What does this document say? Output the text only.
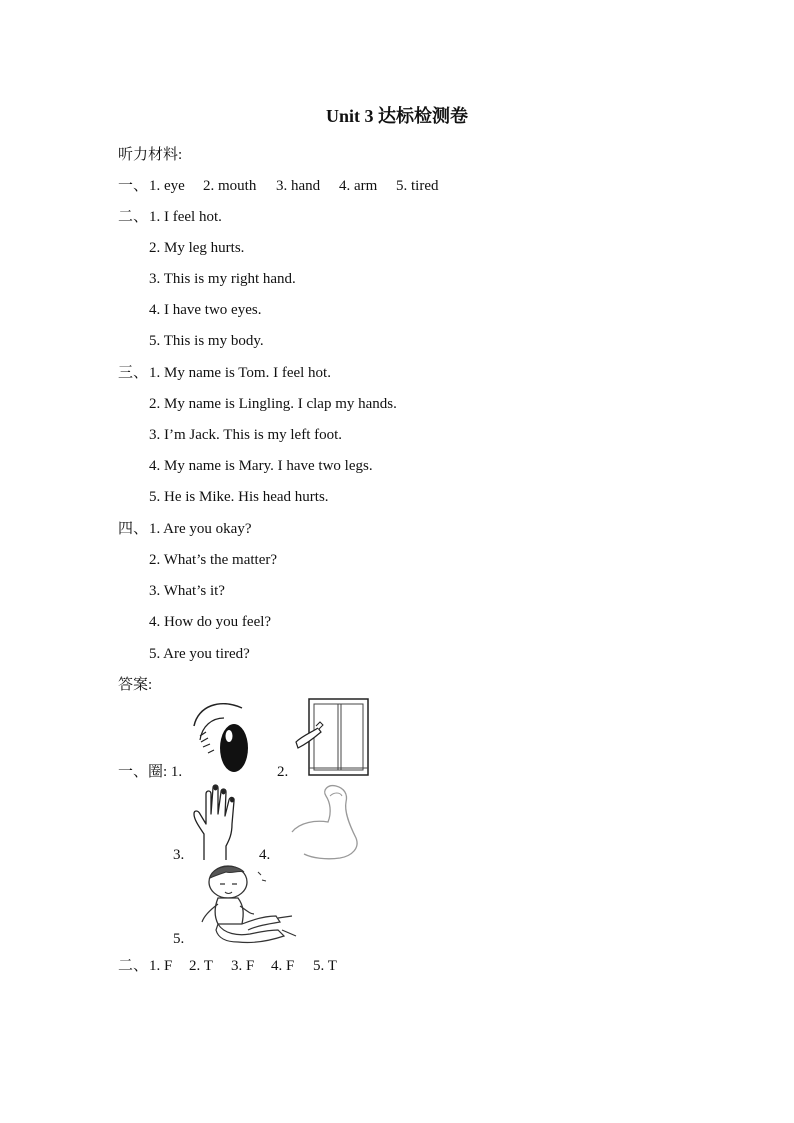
Unit 3 达标检测卷
听力材料:
一、 1. eye 2. mouth 3. hand 4. arm 5. tired
二、 1. I feel hot.
2. My leg hurts.
3. This is my right hand.
4. I have two eyes.
5. This is my body.
三、 1. My name is Tom. I feel hot.
2. My name is Lingling. I clap my hands.
3. I’m Jack. This is my left foot.
4. My name is Mary. I have two legs.
5. He is Mike. His head hurts.
四、 1. Are you okay?
2. What’s the matter?
3. What’s it?
4. How do you feel?
5. Are you tired?
答案:
一、圈: 1.	2.
3.	4.
5.
二、 1. F 2. T 3. F 4. F 5. T
